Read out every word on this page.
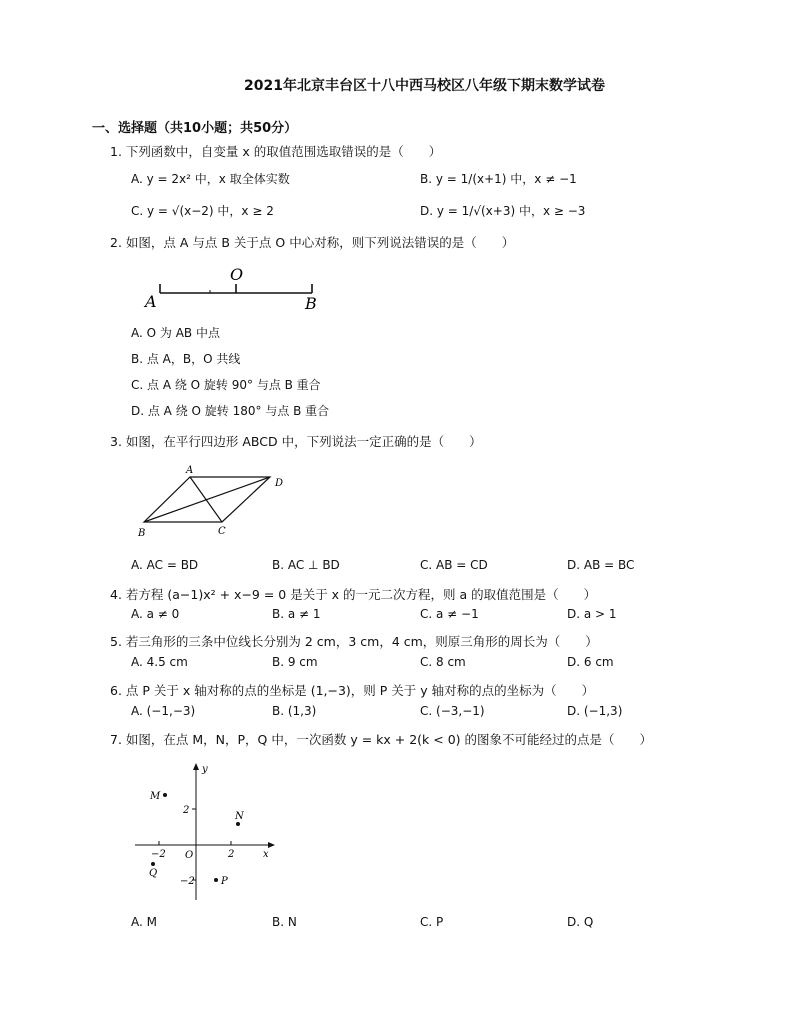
2021年北京丰台区十八中西马校区八年级下期末数学试卷
一、选择题（共10小题；共50分）
1. 下列函数中，自变量 x 的取值范围选取错误的是（　　）
A. y = 2x² 中，x 取全体实数	B. y = 1/(x+1) 中，x ≠ −1
C. y = √(x−2) 中，x ≥ 2	D. y = 1/√(x+3) 中，x ≥ −3
2. 如图，点 A 与点 B 关于点 O 中心对称，则下列说法错误的是（　　）
A
O
B
A. O 为 AB 中点
B. 点 A，B，O 共线
C. 点 A 绕 O 旋转 90° 与点 B 重合
D. 点 A 绕 O 旋转 180° 与点 B 重合
3. 如图，在平行四边形 ABCD 中，下列说法一定正确的是（　　）
A
D
B	C
A. AC = BD	B. AC ⊥ BD	C. AB = CD	D. AB = BC
4. 若方程 (a−1)x² + x−9 = 0 是关于 x 的一元二次方程，则 a 的取值范围是（　　）
A. a ≠ 0	B. a ≠ 1	C. a ≠ −1	D. a > 1
5. 若三角形的三条中位线长分别为 2 cm，3 cm，4 cm，则原三角形的周长为（　　）
A. 4.5 cm	B. 9 cm	C. 8 cm	D. 6 cm
6. 点 P 关于 x 轴对称的点的坐标是 (1,−3)，则 P 关于 y 轴对称的点的坐标为（　　）
A. (−1,−3)	B. (1,3)	C. (−3,−1)	D. (−1,3)
7. 如图，在点 M，N，P，Q 中，一次函数 y = kx + 2(k < 0) 的图象不可能经过的点是（　　）
y
M
2
N
O
−2	2	x
Q
−2	P
A. M	B. N	C. P	D. Q
